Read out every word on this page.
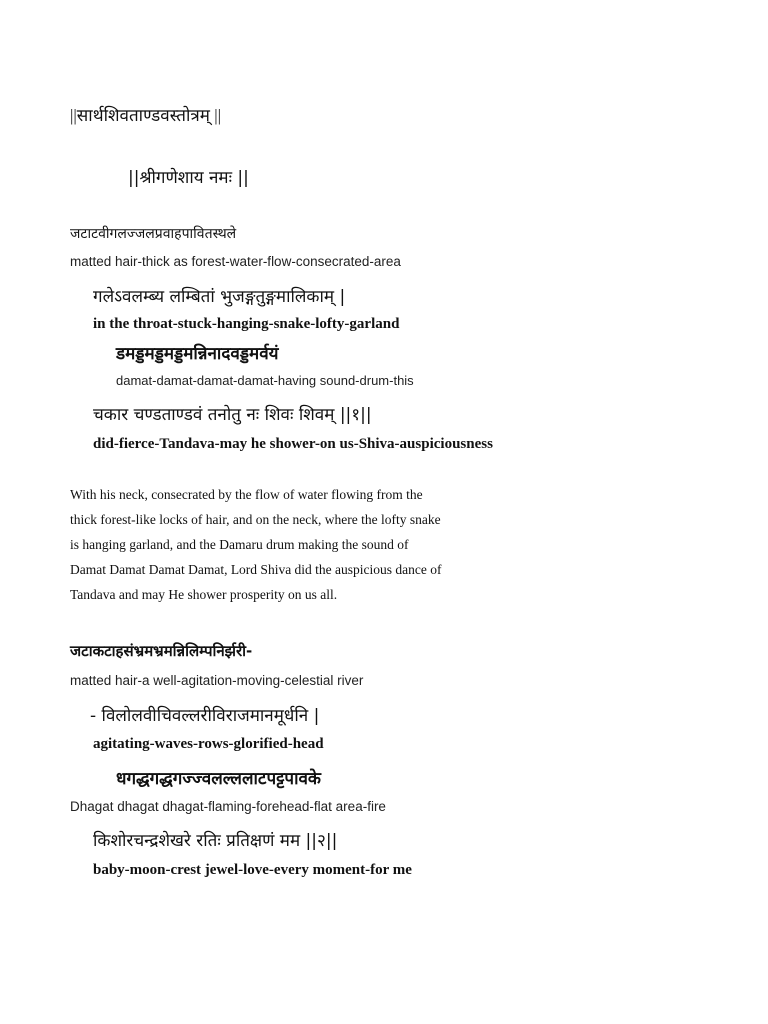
||सार्थशिवताण्डवस्तोत्रम् ||
||श्रीगणेशाय नमः ||
जटाटवीगलज्जलप्रवाहपावितस्थले
matted hair-thick as forest-water-flow-consecrated-area
गलेऽवलम्ब्य लम्बितां भुजङ्गतुङ्गमालिकाम् |
in the throat-stuck-hanging-snake-lofty-garland
डमड्डमड्डमड्डमन्निनादवड्डमर्वयं
damat-damat-damat-damat-having sound-drum-this
चकार चण्डताण्डवं तनोतु नः शिवः शिवम् ||१||
did-fierce-Tandava-may he shower-on us-Shiva-auspiciousness
With his neck, consecrated by the flow of water flowing from the
thick forest-like locks of hair, and on the neck, where the lofty snake
is hanging garland, and the Damaru drum making the sound of
Damat Damat Damat Damat, Lord Shiva did the auspicious dance of
Tandava and may He shower prosperity on us all.
जटाकटाहसंभ्रमभ्रमन्निलिम्पनिर्झरी-
matted hair-a well-agitation-moving-celestial river
- विलोलवीचिवल्लरीविराजमानमूर्धनि |
agitating-waves-rows-glorified-head
धगद्धगद्धगज्ज्वलल्ललाटपट्टपावके
Dhagat dhagat dhagat-flaming-forehead-flat area-fire
किशोरचन्द्रशेखरे रतिः प्रतिक्षणं मम ||२||
baby-moon-crest jewel-love-every moment-for me
